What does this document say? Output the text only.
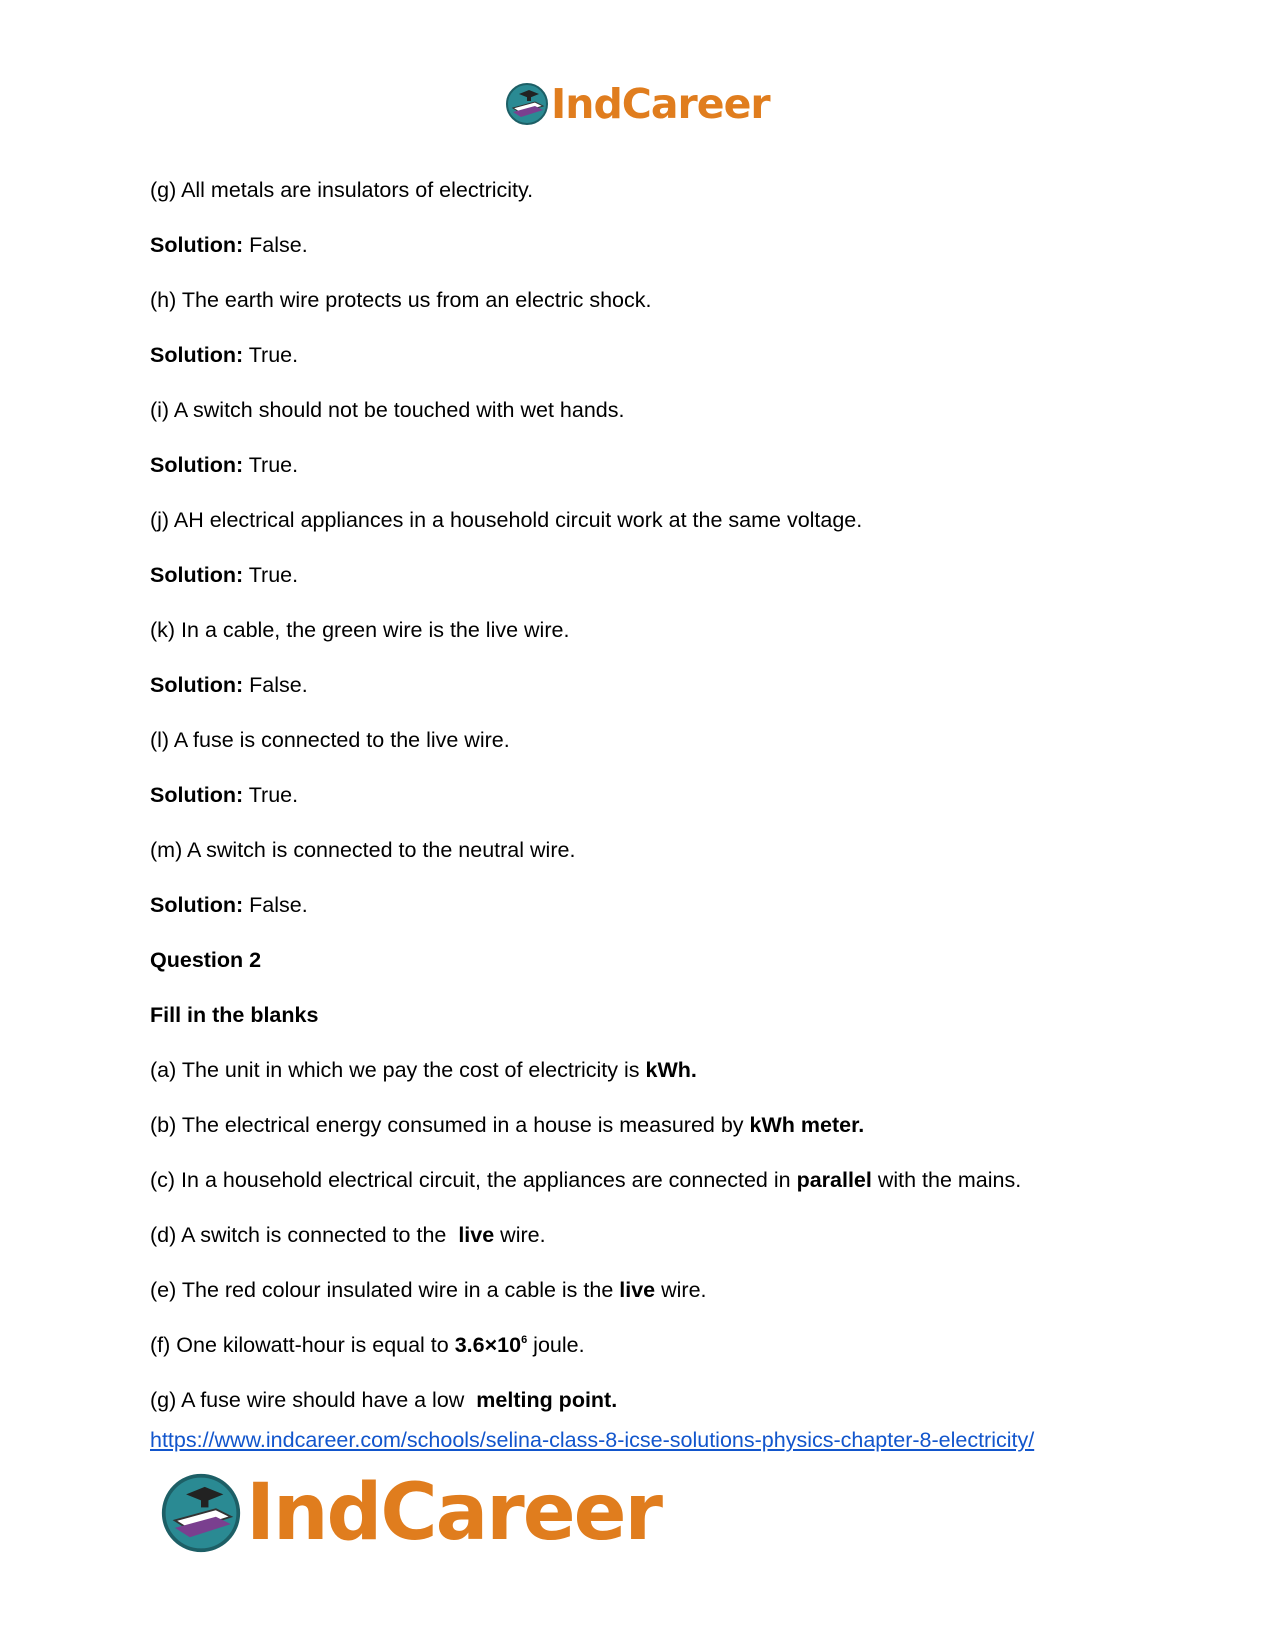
IndCareer
(g) All metals are insulators of electricity.
Solution: False.
(h) The earth wire protects us from an electric shock.
Solution: True.
(i) A switch should not be touched with wet hands.
Solution: True.
(j) AH electrical appliances in a household circuit work at the same voltage.
Solution: True.
(k) In a cable, the green wire is the live wire.
Solution: False.
(l) A fuse is connected to the live wire.
Solution: True.
(m) A switch is connected to the neutral wire.
Solution: False.
Question 2
Fill in the blanks
(a) The unit in which we pay the cost of electricity is kWh.
(b) The electrical energy consumed in a house is measured by kWh meter.
(c) In a household electrical circuit, the appliances are connected in parallel with the mains.
(d) A switch is connected to the  live wire.
(e) The red colour insulated wire in a cable is the live wire.
(f) One kilowatt-hour is equal to $3.6\times 10^6$ joule.
(g) A fuse wire should have a low  melting point.
https://www.indcareer.com/schools/selina-class-8-icse-solutions-physics-chapter-8-electricity/
IndCareer
